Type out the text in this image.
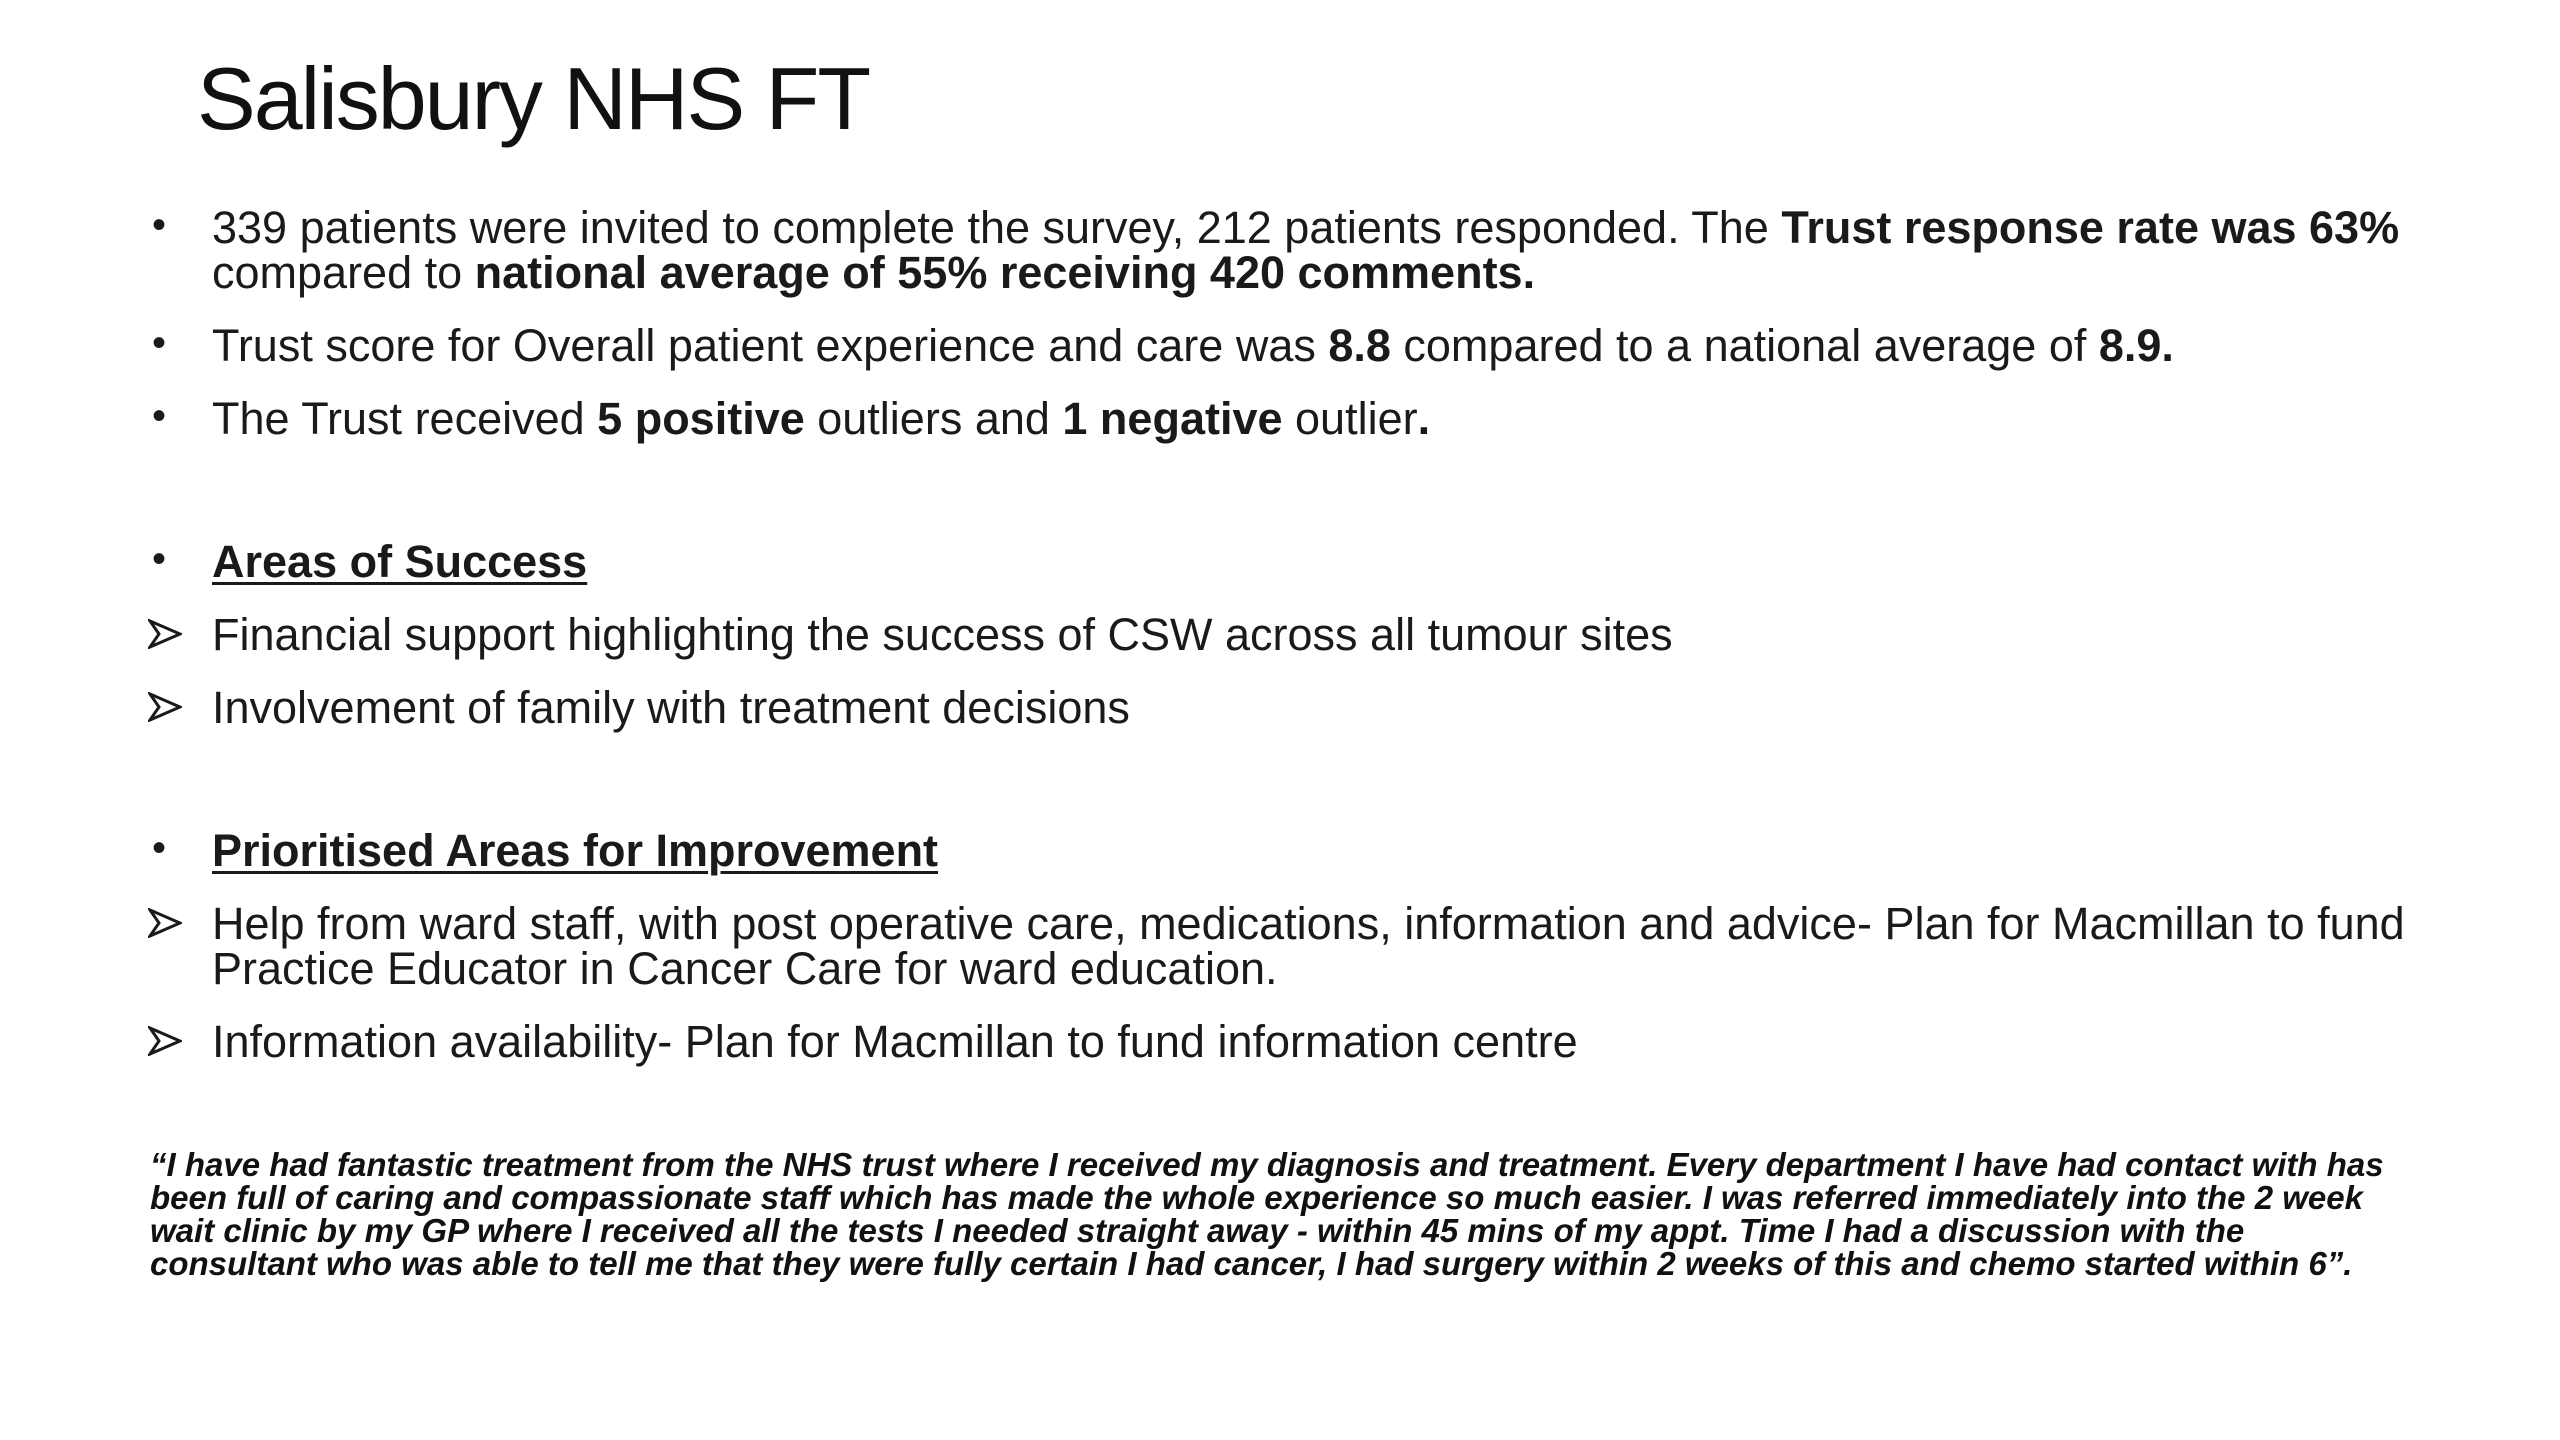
Salisbury NHS FT

•	339 patients were invited to complete the survey, 212 patients responded. The Trust response rate was 63% compared to national average of 55% receiving 420 comments.

•	Trust score for Overall patient experience and care was 8.8 compared to a national average of 8.9.

•	The Trust received 5 positive outliers and 1 negative outlier.

•	Areas of Success

Financial support highlighting the success of CSW across all tumour sites

Involvement of family with treatment decisions

•	Prioritised Areas for Improvement

Help from ward staff, with post operative care, medications, information and advice- Plan for Macmillan to fund Practice Educator in Cancer Care for ward education.

Information availability- Plan for Macmillan to fund information centre

“I have had fantastic treatment from the NHS trust where I received my diagnosis and treatment. Every department I have had contact with has been full of caring and compassionate staff which has made the whole experience so much easier. I was referred immediately into the 2 week wait clinic by my GP where I received all the tests I needed straight away - within 45 mins of my appt. Time I had a discussion with the consultant who was able to tell me that they were fully certain I had cancer, I had surgery within 2 weeks of this and chemo started within 6”.
